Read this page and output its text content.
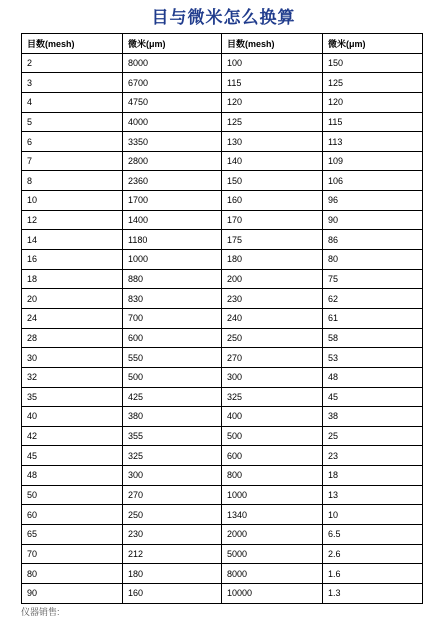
目与微米怎么换算
目数(mesh)	微米(μm)	目数(mesh)	微米(μm)
2	8000	100	150
3	6700	115	125
4	4750	120	120
5	4000	125	115
6	3350	130	113
7	2800	140	109
8	2360	150	106
10	1700	160	96
12	1400	170	90
14	1180	175	86
16	1000	180	80
18	880	200	75
20	830	230	62
24	700	240	61
28	600	250	58
30	550	270	53
32	500	300	48
35	425	325	45
40	380	400	38
42	355	500	25
45	325	600	23
48	300	800	18
50	270	1000	13
60	250	1340	10
65	230	2000	6.5
70	212	5000	2.6
80	180	8000	1.6
90	160	10000	1.3
仪器销售:
